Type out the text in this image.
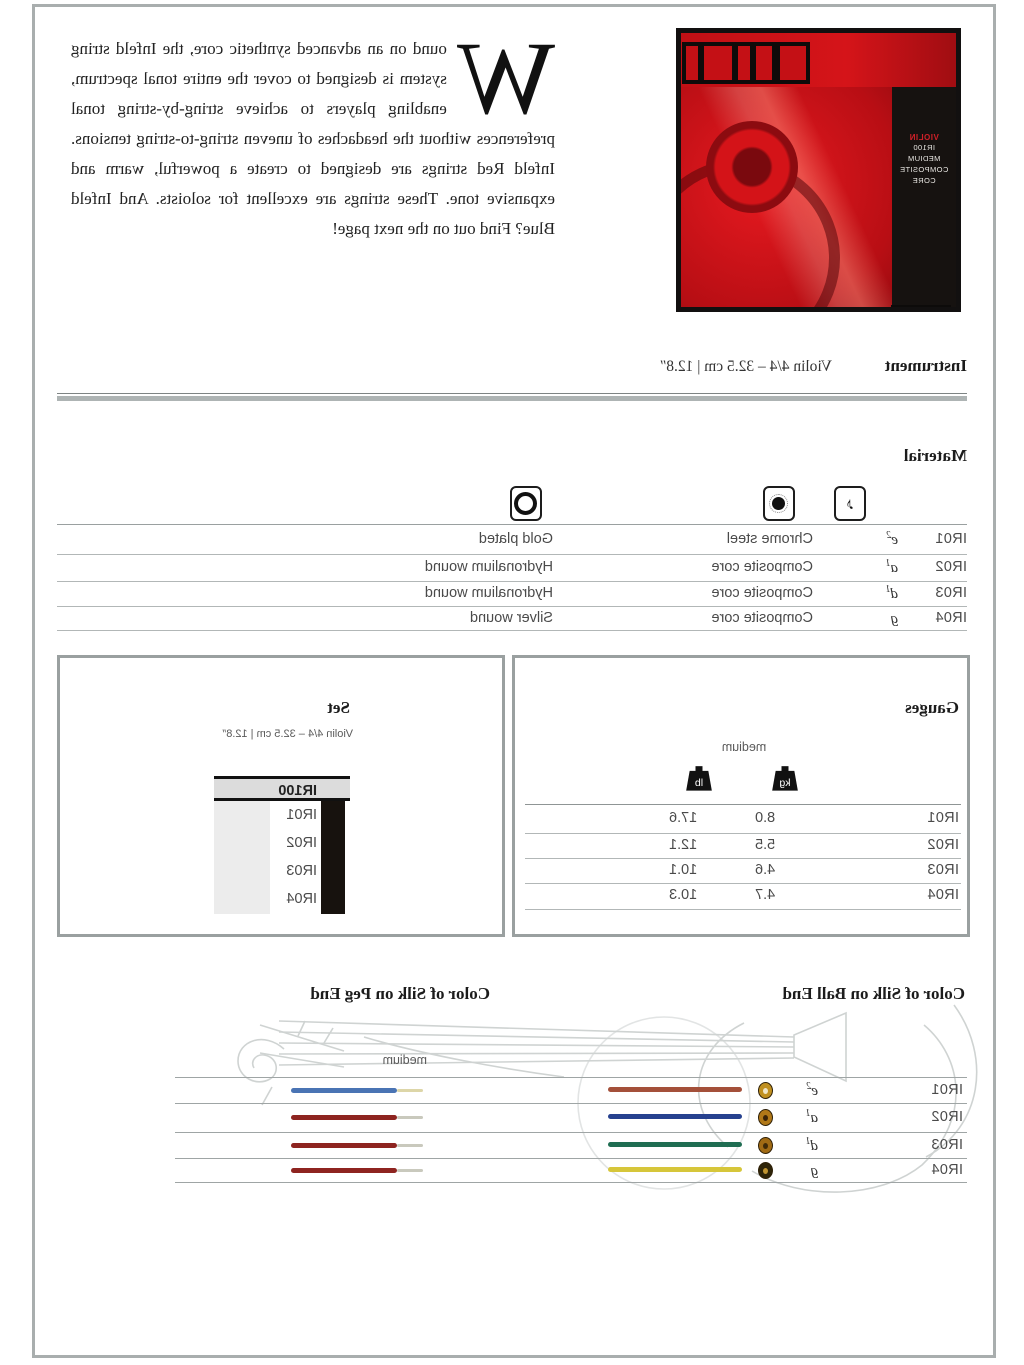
W
ound on an advanced synthetic core, the Infeld string system is designed to cover the entire tonal spectrum, enabling players to achieve string-by-string tonal preferences without the headaches of uneven string-to-string tensions. Infeld Red strings are designed to create a powerful, warm and expansive tone. These strings are excellent for soloists. And Infeld Blue? Find out on the next page!
VIOLIN
IR100
MEDIUM
COMPOSITE
CORE
Instrument
Violin 4/4 – 32.5 cm | 12.8″
Material
♪
IR01
$e^2$
Chrome steel
Gold plated
IR02
$a^1$
Composite core
Hydronalium wound
IR03
$d^1$
Composite core
Hydronalium wound
IR04
g
Composite core
Silver wound
Gauges
medium
kg
lb
IR01
8.0
17.6
IR02
5.5
12.1
IR03
4.6
10.1
IR04
4.7
10.3
Set
Violin 4/4 – 32.5 cm | 12.8″
IR100
IR01
IR02
IR03
IR04
Color of Silk on Ball End
Color of Silk on Peg End
medium
IR01
$e^2$
IR02
$a^1$
IR03
$d^1$
IR04
g
